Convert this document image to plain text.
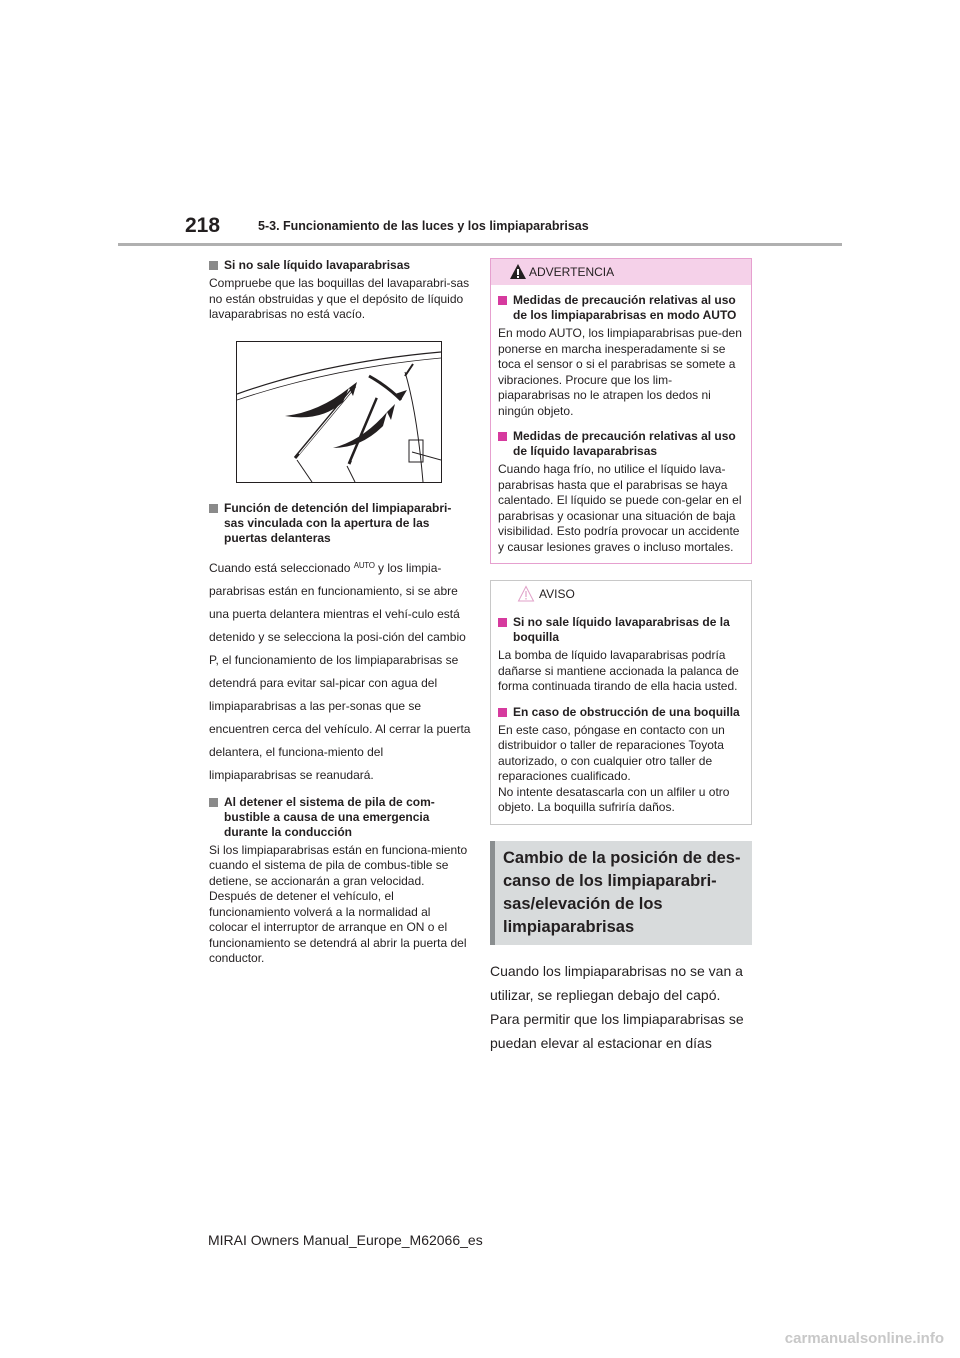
218	5-3. Funcionamiento de las luces y los limpiaparabrisas
Si no sale líquido lavaparabrisas
Compruebe que las boquillas del lavaparabri-sas no están obstruidas y que el depósito de líquido lavaparabrisas no está vacío.
Función de detención del limpiaparabri-sas vinculada con la apertura de las puertas delanteras
Cuando está seleccionado $^{AUTO}$ y los limpia-parabrisas están en funcionamiento, si se abre una puerta delantera mientras el vehí-culo está detenido y se selecciona la posi-ción del cambio P, el funcionamiento de los limpiaparabrisas se detendrá para evitar sal-picar con agua del limpiaparabrisas a las per-sonas que se encuentren cerca del vehículo. Al cerrar la puerta delantera, el funciona-miento del limpiaparabrisas se reanudará.
Al detener el sistema de pila de com-bustible a causa de una emergencia durante la conducción
Si los limpiaparabrisas están en funciona-miento cuando el sistema de pila de combus-tible se detiene, se accionarán a gran velocidad. Después de detener el vehículo, el funcionamiento volverá a la normalidad al colocar el interruptor de arranque en ON o el funcionamiento se detendrá al abrir la puerta del conductor.
ADVERTENCIA
Medidas de precaución relativas al uso de los limpiaparabrisas en modo AUTO
En modo AUTO, los limpiaparabrisas pue-den ponerse en marcha inesperadamente si se toca el sensor o si el parabrisas se somete a vibraciones. Procure que los lim-piaparabrisas no le atrapen los dedos ni ningún objeto.
Medidas de precaución relativas al uso de líquido lavaparabrisas
Cuando haga frío, no utilice el líquido lava-parabrisas hasta que el parabrisas se haya calentado. El líquido se puede con-gelar en el parabrisas y ocasionar una situación de baja visibilidad. Esto podría provocar un accidente y causar lesiones graves o incluso mortales.
AVISO
Si no sale líquido lavaparabrisas de la boquilla
La bomba de líquido lavaparabrisas podría dañarse si mantiene accionada la palanca de forma continuada tirando de ella hacia usted.
En caso de obstrucción de una boquilla
En este caso, póngase en contacto con un distribuidor o taller de reparaciones Toyota autorizado, o con cualquier otro taller de reparaciones cualificado.
No intente desatascarla con un alfiler u otro objeto. La boquilla sufriría daños.
Cambio de la posición de des-canso de los limpiaparabri-sas/elevación de los limpiaparabrisas
Cuando los limpiaparabrisas no se van a utilizar, se repliegan debajo del capó. Para permitir que los limpiaparabrisas se puedan elevar al estacionar en días
MIRAI Owners Manual_Europe_M62066_es
carmanualsonline.info
